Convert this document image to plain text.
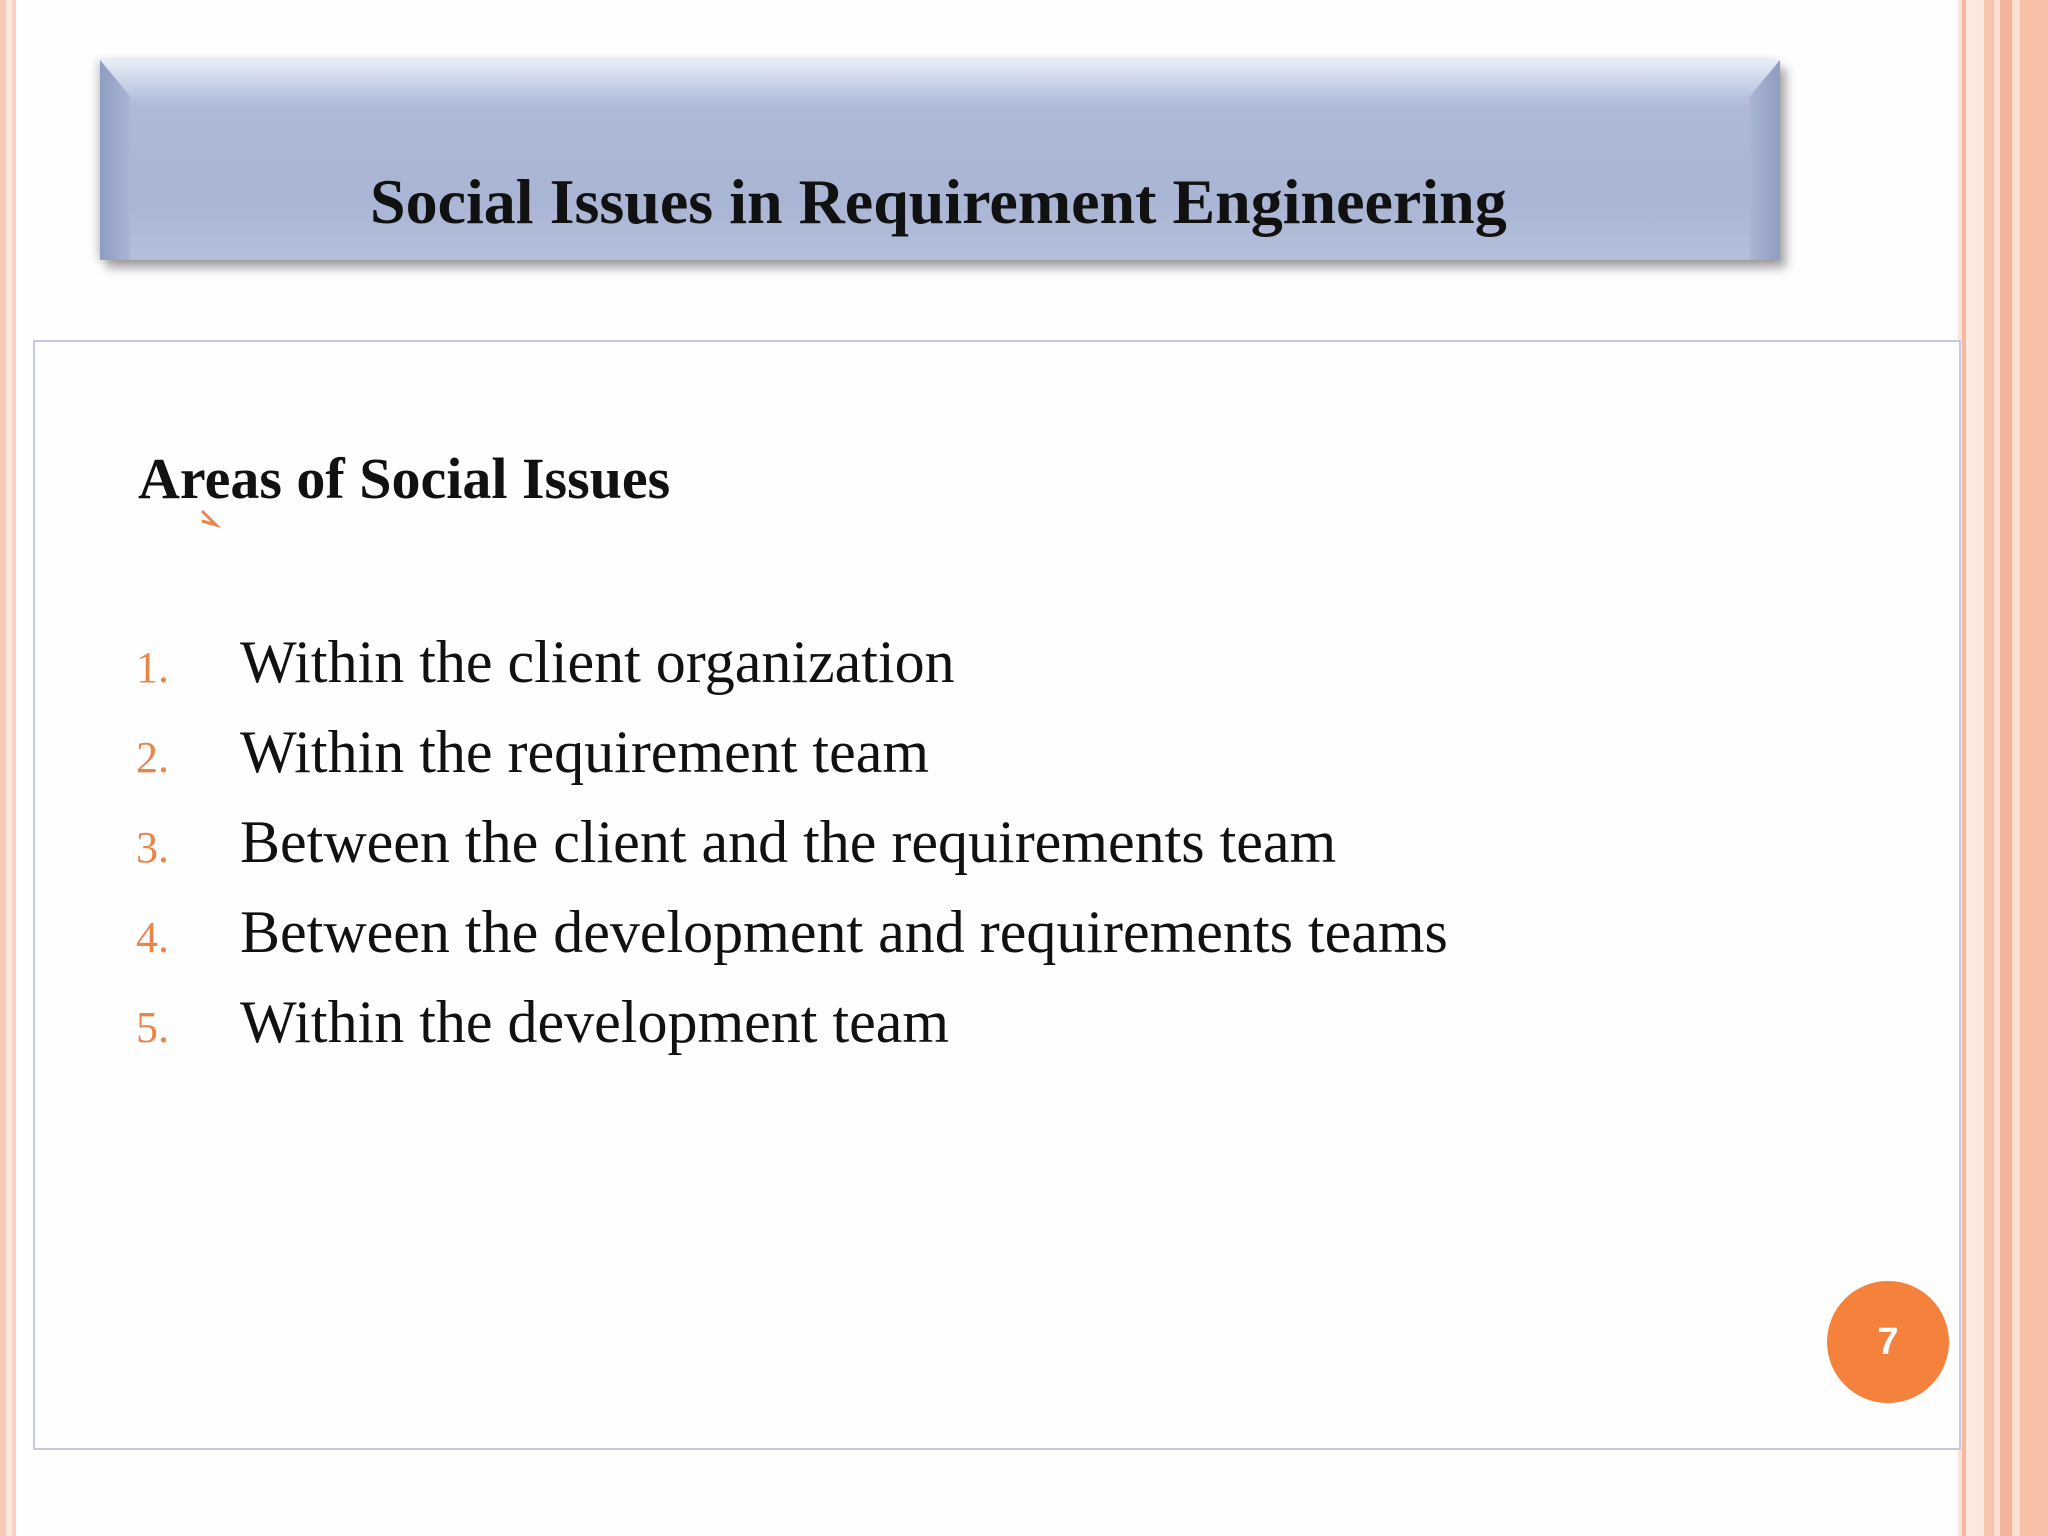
Social Issues in Requirement Engineering
Areas of Social Issues
1.	Within the client organization
2.	Within the requirement team
3.	Between the client and the requirements team
4.	Between the development and requirements teams
5.	Within the development team
7
